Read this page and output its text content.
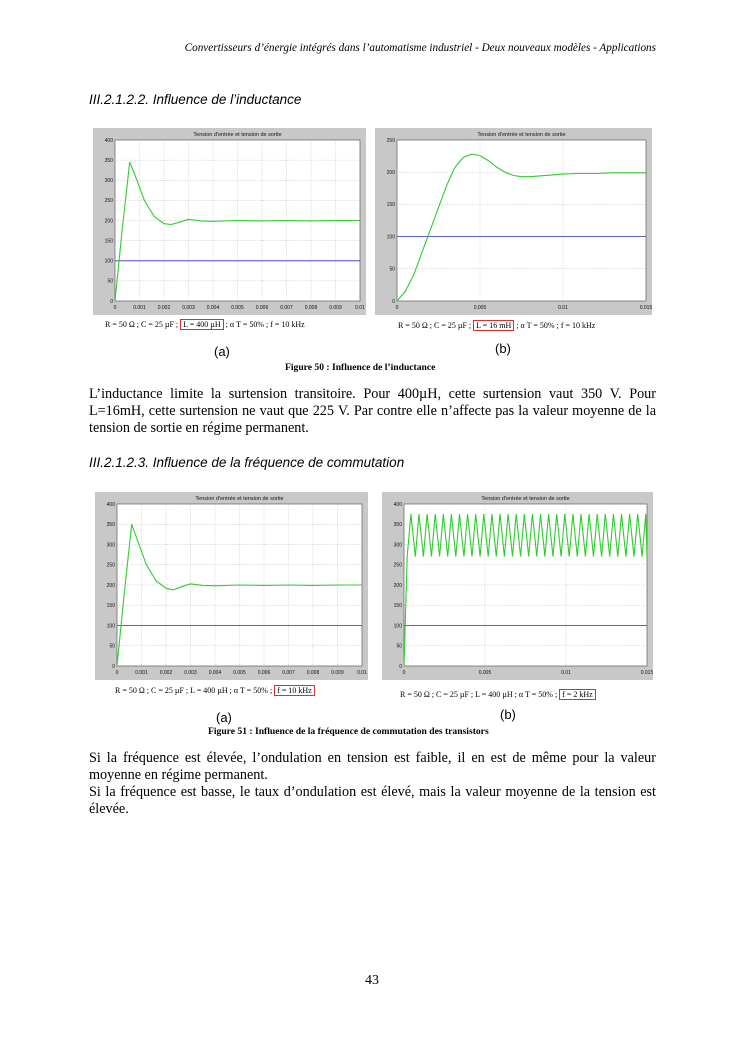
Convertisseurs d’énergie intégrés dans l’automatisme industriel - Deux nouveaux modèles - Applications
III.2.1.2.2. Influence de l’inductance
Tension d'entrée et tension de sortie
0	0.001 0.002 0.003 0.004 0.005 0.006 0.007 0.008 0.009	0.01
0
50
100
150
200
250
300
350
400
R = 50 Ω ; C = 25 µF ; L = 400 µH ; α T = 50% ; f = 10 kHz
(a)
Tension d'entrée et tension de sortie
0	0.005	0.01	0.015
0
50
100
150
200
250
R = 50 Ω ; C = 25 µF ; L = 16 mH ; α T = 50% ; f = 10 kHz
(b)
Figure 50 : Influence de l’inductance
L’inductance limite la surtension transitoire. Pour 400µH, cette surtension vaut 350 V. Pour L=16mH, cette surtension ne vaut que 225 V. Par contre elle n’affecte pas la valeur moyenne de la tension de sortie en régime permanent.
III.2.1.2.3. Influence de la fréquence de commutation
Tension d'entrée et tension de sortie
0	0.001 0.002 0.003 0.004 0.005 0.006 0.007 0.008 0.009	0.01
0
50
100
150
200
250
300
350
400
R = 50 Ω ; C = 25 µF ; L = 400 µH ; α T = 50% ; f = 10 kHz
(a)
Tension d'entrée et tension de sortie
0	0.005	0.01	0.015
0
50
100
150
200
250
300
350
400
R = 50 Ω ; C = 25 µF ; L = 400 µH ; α T = 50% ; f = 2 kHz
(b)
Figure 51 : Influence de la fréquence de commutation des transistors
Si la fréquence est élevée, l’ondulation en tension est faible, il en est de même pour la valeur moyenne en régime permanent.
Si la fréquence est basse, le taux d’ondulation est élevé, mais la valeur moyenne de la tension est élevée.
43
